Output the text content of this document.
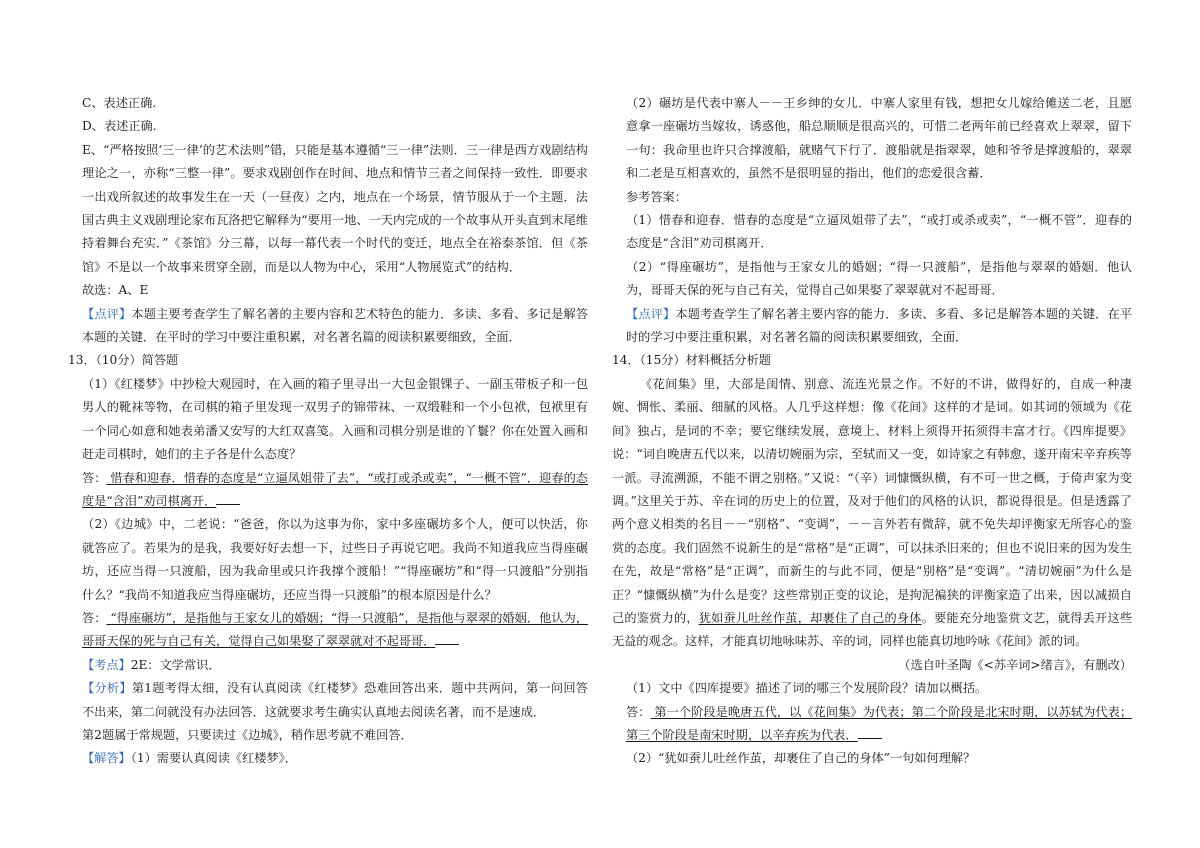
C、表述正确.

D、表述正确.

E、“严格按照‘三一律’的艺术法则”错，只能是基本遵循“三一律”法则．三一律是西方戏剧结构理论之一，亦称“三整一律”。要求戏剧创作在时间、地点和情节三者之间保持一致性．即要求一出戏所叙述的故事发生在一天（一昼夜）之内，地点在一个场景，情节服从于一个主题．法国古典主义戏剧理论家布瓦洛把它解释为“要用一地、一天内完成的一个故事从开头直到末尾维持着舞台充实．”《茶馆》分三幕，以每一幕代表一个时代的变迁，地点全在裕泰茶馆．但《茶馆》不是以一个故事来贯穿全剧，而是以人物为中心，采用“人物展览式”的结构．

故选：A、E

【点评】本题主要考查学生了解名著的主要内容和艺术特色的能力．多读、多看、多记是解答本题的关键．在平时的学习中要注重积累，对名著名篇的阅读积累要细致，全面．

13．（10分）简答题

（1）《红楼梦》中抄检大观园时，在入画的箱子里寻出一大包金银锞子、一副玉带板子和一包男人的靴袜等物，在司棋的箱子里发现一双男子的锦带袜、一双缎鞋和一个小包袱，包袱里有一个同心如意和她表弟潘又安写的大红双喜笺。入画和司棋分别是谁的丫鬟？你在处置入画和赶走司棋时，她们的主子各是什么态度？

答： 惜春和迎春．惜春的态度是“立逼凤姐带了去”，“或打或杀或卖”，“一概不管”．迎春的态度是“含泪”劝司棋离开．

（2）《边城》中，二老说：“爸爸，你以为这事为你，家中多座碾坊多个人，便可以快活，你就答应了。若果为的是我，我要好好去想一下，过些日子再说它吧。我尚不知道我应当得座碾坊，还应当得一只渡船，因为我命里或只许我撑个渡船！”“得座碾坊”和“得一只渡船”分别指什么？“我尚不知道我应当得座碾坊，还应当得一只渡船”的根本原因是什么？

答： “得座碾坊”，是指他与王家女儿的婚姻；“得一只渡船”，是指他与翠翠的婚姻．他认为，哥哥天保的死与自己有关，觉得自己如果娶了翠翠就对不起哥哥．

【考点】2E：文学常识．

【分析】第1题考得太细，没有认真阅读《红楼梦》恐难回答出来．题中共两问，第一问回答不出来，第二问就没有办法回答．这就要求考生确实认真地去阅读名著，而不是速成．

第2题属于常规题，只要读过《边城》，稍作思考就不难回答．

【解答】（1）需要认真阅读《红楼梦》．

（2）碾坊是代表中寨人－－王乡绅的女儿．中寨人家里有钱，想把女儿嫁给傩送二老，且愿意拿一座碾坊当嫁妆，诱惑他，船总顺顺是很高兴的，可惜二老两年前已经喜欢上翠翠，留下一句：我命里也许只合撑渡船，就赌气下行了．渡船就是指翠翠，她和爷爷是撑渡船的，翠翠和二老是互相喜欢的，虽然不是很明显的指出，他们的恋爱很含蓄．

参考答案：

（1）惜春和迎春．惜春的态度是“立逼凤姐带了去”，“或打或杀或卖”，“一概不管”．迎春的态度是“含泪”劝司棋离开．

（2）“得座碾坊”，是指他与王家女儿的婚姻；“得一只渡船”，是指他与翠翠的婚姻．他认为，哥哥天保的死与自己有关，觉得自己如果娶了翠翠就对不起哥哥．

【点评】本题考查学生了解名著主要内容的能力．多读、多看、多记是解答本题的关键．在平时的学习中要注重积累，对名著名篇的阅读积累要细致，全面．

14．（15分）材料概括分析题

《花间集》里，大部是闺情、别意、流连光景之作。不好的不讲，做得好的，自成一种凄婉、惆怅、柔丽、细腻的风格。人几乎这样想：像《花间》这样的才是词。如其词的领域为《花间》独占，是词的不幸；要它继续发展，意境上、材料上须得开拓须得丰富才行。《四库提要》说：“词自晚唐五代以来，以清切婉丽为宗，至轼而又一变，如诗家之有韩愈，遂开南宋辛弃疾等一派。寻流溯源，不能不谓之别格。”又说：“（辛）词慷慨纵横，有不可一世之概，于倚声家为变调。”这里关于苏、辛在词的历史上的位置，及对于他们的风格的认识，都说得很是。但是透露了两个意义相类的名目－－“别格”、“变调”，－－言外若有微辞，就不免失却评衡家无所容心的鉴赏的态度。我们固然不说新生的是“常格”是“正调”，可以抹杀旧来的；但也不说旧来的因为发生在先，故是“常格”是“正调”，而新生的与此不同，便是“别格”是“变调”。“清切婉丽”为什么是正？“慷慨纵横”为什么是变？这些常别正变的议论，是拘泥褊狭的评衡家造了出来，因以减损自己的鉴赏力的，犹如蚕儿吐丝作茧，却裹住了自己的身体。要能充分地鉴赏文艺，就得丢开这些无益的观念。这样，才能真切地咏味苏、辛的词，同样也能真切地吟咏《花间》派的词。

（选自叶圣陶《<苏辛词>绪言》，有删改）

（1）文中《四库提要》描述了词的哪三个发展阶段？请加以概括。

答： 第一个阶段是晚唐五代，以《花间集》为代表；第二个阶段是北宋时期，以苏轼为代表；第三个阶段是南宋时期，以辛弃疾为代表．

（2）“犹如蚕儿吐丝作茧，却裹住了自己的身体”一句如何理解？
